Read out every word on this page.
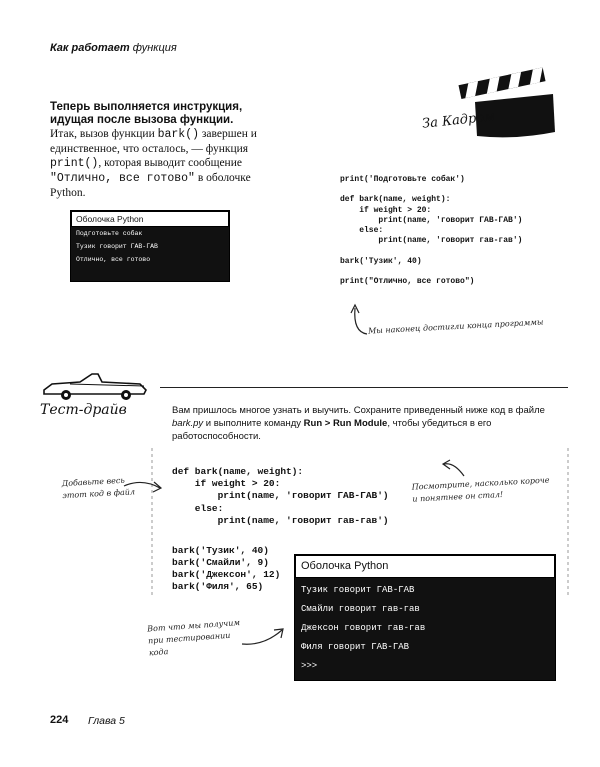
Как работает функция
Теперь выполняется инструкция, идущая после вызова функции.
Итак, вызов функции bark() завершен и единственное, что осталось, — функция print(), которая выводит сообщение "Отлично, все готово" в оболочке Python.
Оболочка Python
Подготовьте собак
Тузик говорит ГАВ-ГАВ
Отлично, все готово
За Кадром
print('Подготовьте собак')
def bark(name, weight):
if weight > 20:
print(name, 'говорит ГАВ-ГАВ')
else:
print(name, 'говорит гав-гав')
bark('Тузик', 40)
print("Отлично, все готово")
Мы наконец достигли конца программы
Тест-драйв	Вам пришлось многое узнать и выучить. Сохраните приведенный ниже код в файле bark.py и выполните команду Run > Run Module, чтобы убедиться в его работоспособности.
Добавьте весь этот код в файл
Посмотрите, насколько короче и понятнее он стал!
def bark(name, weight):
if weight > 20:
print(name, 'говорит ГАВ-ГАВ')
else:
print(name, 'говорит гав-гав')
bark('Тузик', 40)
bark('Смайли', 9)
bark('Джексон', 12)
bark('Филя', 65)
Оболочка Python
Тузик говорит ГАВ-ГАВ
Смайли говорит гав-гав
Джексон говорит гав-гав
Филя говорит ГАВ-ГАВ
>>>
Вот что мы получим при тестировании кода
224 Глава 5
